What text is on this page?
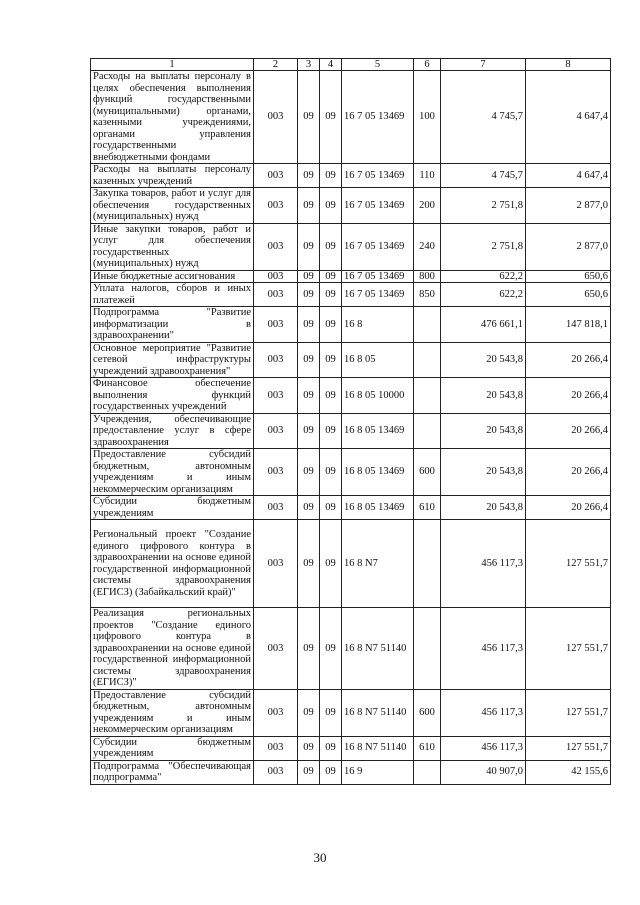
1	2	3	4	5	6	7	8
Расходы на выплаты персоналу в целях обеспечения выполнения функций государственными (муниципальными) органами, казенными учреждениями, органами управления государственными внебюджетными фондами	003	09	09	16 7 05 13469	100	4 745,7	4 647,4
Расходы на выплаты персоналу казенных учреждений	003	09	09	16 7 05 13469	110	4 745,7	4 647,4
Закупка товаров, работ и услуг для обеспечения государственных (муниципальных) нужд	003	09	09	16 7 05 13469	200	2 751,8	2 877,0
Иные закупки товаров, работ и услуг для обеспечения государственных (муниципальных) нужд	003	09	09	16 7 05 13469	240	2 751,8	2 877,0
Иные бюджетные ассигнования	003	09	09	16 7 05 13469	800	622,2	650,6
Уплата налогов, сборов и иных платежей	003	09	09	16 7 05 13469	850	622,2	650,6
Подпрограмма "Развитие информатизации в здравоохранении"	003	09	09	16 8		476 661,1	147 818,1
Основное мероприятие "Развитие сетевой инфраструктуры учреждений здравоохранения"	003	09	09	16 8 05		20 543,8	20 266,4
Финансовое обеспечение выполнения функций государственных учреждений	003	09	09	16 8 05 10000		20 543,8	20 266,4
Учреждения, обеспечивающие предоставление услуг в сфере здравоохранения	003	09	09	16 8 05 13469		20 543,8	20 266,4
Предоставление субсидий бюджетным, автономным учреждениям и иным некоммерческим организациям	003	09	09	16 8 05 13469	600	20 543,8	20 266,4
Субсидии бюджетным учреждениям	003	09	09	16 8 05 13469	610	20 543,8	20 266,4
Региональный проект "Создание единого цифрового контура в здравоохранении на основе единой государственной информационной системы здравоохранения (ЕГИСЗ) (Забайкальский край)"	003	09	09	16 8 N7		456 117,3	127 551,7
Реализация региональных проектов "Создание единого цифрового контура в здравоохранении на основе единой государственной информационной системы здравоохранения (ЕГИСЗ)"	003	09	09	16 8 N7 51140		456 117,3	127 551,7
Предоставление субсидий бюджетным, автономным учреждениям и иным некоммерческим организациям	003	09	09	16 8 N7 51140	600	456 117,3	127 551,7
Субсидии бюджетным учреждениям	003	09	09	16 8 N7 51140	610	456 117,3	127 551,7
Подпрограмма "Обеспечивающая подпрограмма"	003	09	09	16 9		40 907,0	42 155,6
30
